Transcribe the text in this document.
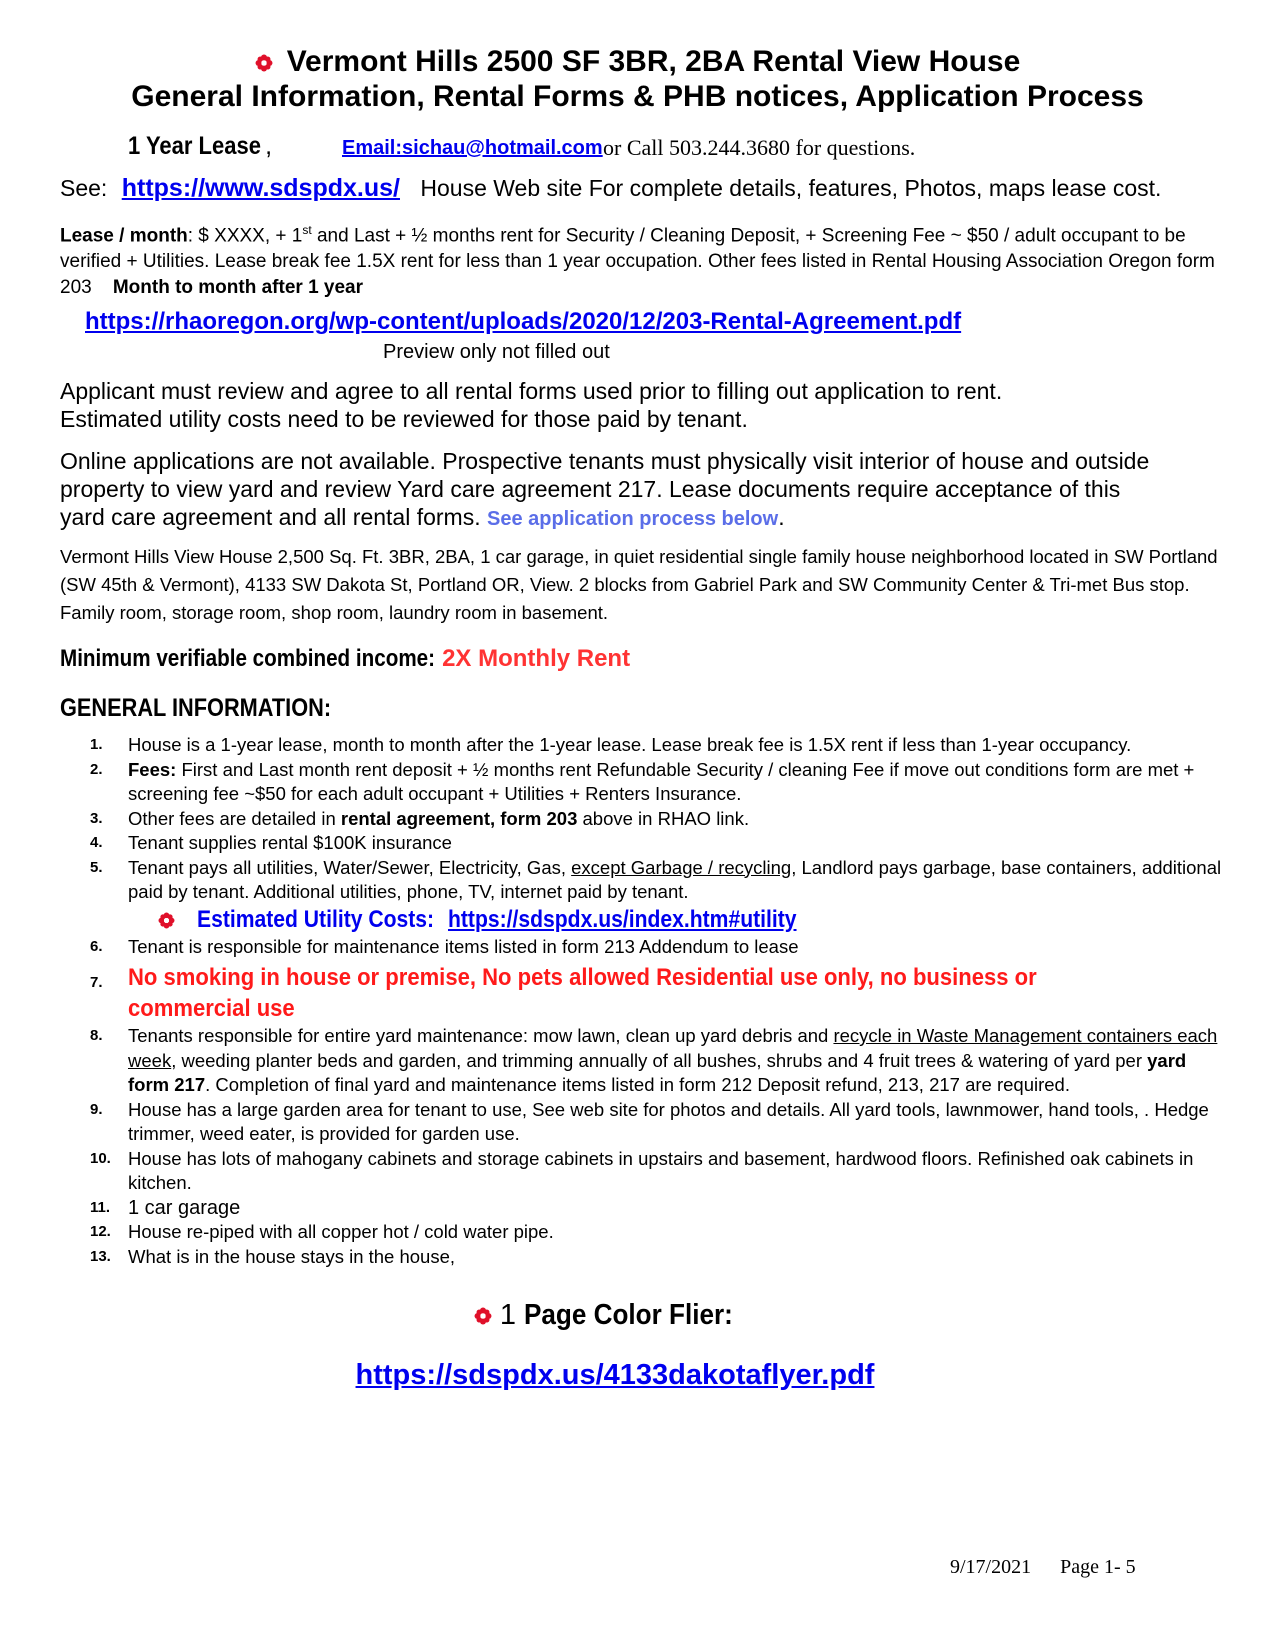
Vermont Hills 2500 SF 3BR, 2BA Rental View House
General Information, Rental Forms & PHB notices, Application Process
1 Year Lease ,	Email:sichau@hotmail.com or Call 503.244.3680 for questions.
See: https://www.sdspdx.us/ House Web site For complete details, features, Photos, maps lease cost.
Lease / month: $ XXXX, + 1st and Last + ½ months rent for Security / Cleaning Deposit, + Screening Fee ~ $50 / adult occupant to be verified + Utilities. Lease break fee 1.5X rent for less than 1 year occupation. Other fees listed in Rental Housing Association Oregon form 203 Month to month after 1 year
https://rhaoregon.org/wp-content/uploads/2020/12/203-Rental-Agreement.pdf
Preview only not filled out
Applicant must review and agree to all rental forms used prior to filling out application to rent.
Estimated utility costs need to be reviewed for those paid by tenant.
Online applications are not available. Prospective tenants must physically visit interior of house and outside property to view yard and review Yard care agreement 217. Lease documents require acceptance of this yard care agreement and all rental forms. See application process below.
Vermont Hills View House 2,500 Sq. Ft. 3BR, 2BA, 1 car garage, in quiet residential single family house neighborhood located in SW Portland (SW 45th & Vermont), 4133 SW Dakota St, Portland OR, View. 2 blocks from Gabriel Park and SW Community Center & Tri-met Bus stop. Family room, storage room, shop room, laundry room in basement.
Minimum verifiable combined income: 2X Monthly Rent
GENERAL INFORMATION:
1. House is a 1-year lease, month to month after the 1-year lease. Lease break fee is 1.5X rent if less than 1-year occupancy.
2. Fees: First and Last month rent deposit + ½ months rent Refundable Security / cleaning Fee if move out conditions form are met + screening fee ~$50 for each adult occupant + Utilities + Renters Insurance.
3. Other fees are detailed in rental agreement, form 203 above in RHAO link.
4. Tenant supplies rental $100K insurance
5. Tenant pays all utilities, Water/Sewer, Electricity, Gas, except Garbage / recycling, Landlord pays garbage, base containers, additional paid by tenant. Additional utilities, phone, TV, internet paid by tenant.
Estimated Utility Costs: https://sdspdx.us/index.htm#utility
6. Tenant is responsible for maintenance items listed in form 213 Addendum to lease
7. No smoking in house or premise, No pets allowed Residential use only, no business or commercial use
8. Tenants responsible for entire yard maintenance: mow lawn, clean up yard debris and recycle in Waste Management containers each week, weeding planter beds and garden, and trimming annually of all bushes, shrubs and 4 fruit trees & watering of yard per yard form 217. Completion of final yard and maintenance items listed in form 212 Deposit refund, 213, 217 are required.
9. House has a large garden area for tenant to use, See web site for photos and details. All yard tools, lawnmower, hand tools, . Hedge trimmer, weed eater, is provided for garden use.
10. House has lots of mahogany cabinets and storage cabinets in upstairs and basement, hardwood floors. Refinished oak cabinets in kitchen.
11. 1 car garage
12. House re-piped with all copper hot / cold water pipe.
13. What is in the house stays in the house,
1 Page Color Flier:
https://sdspdx.us/4133dakotaflyer.pdf
9/17/2021 Page 1- 5
